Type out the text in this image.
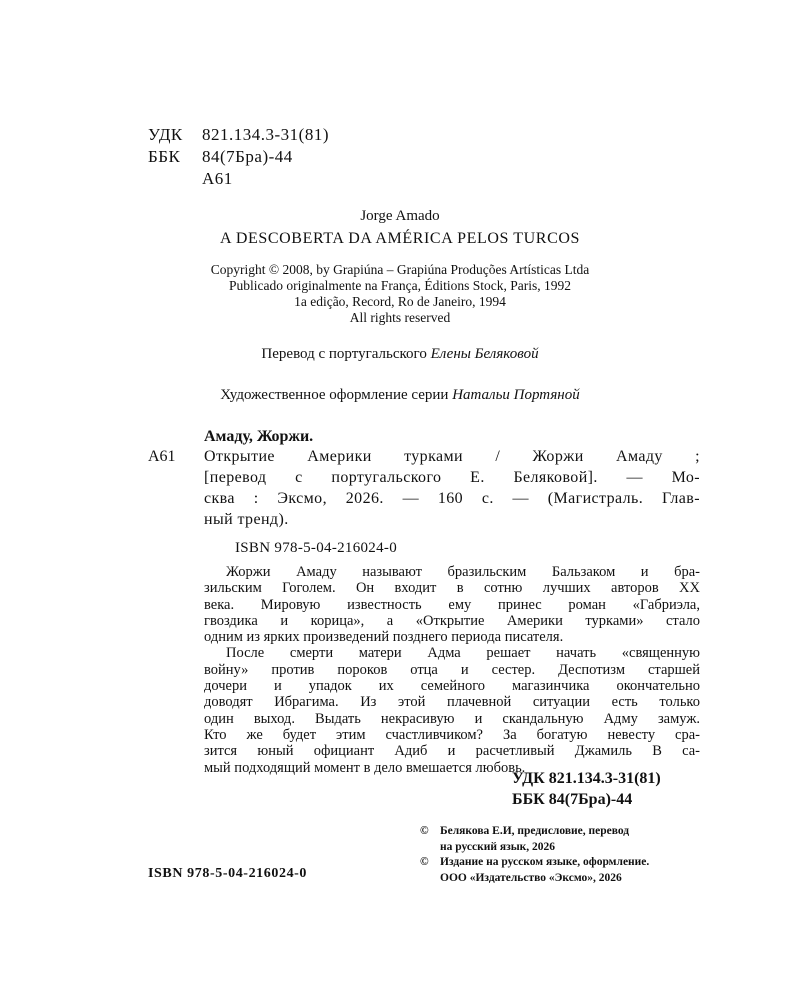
УДК	821.134.3-31(81)
ББК	84(7Бра)-44
А61
Jorge Amado
A DESCOBERTA DA AMÉRICA PELOS TURCOS
Copyright © 2008, by Grapiúna – Grapiúna Produções Artísticas Ltda
Publicado originalmente na França, Éditions Stock, Paris, 1992
1a edição, Record, Ro de Janeiro, 1994
All rights reserved
Перевод с португальского Елены Беляковой
Художественное оформление серии Натальи Портяной
Амаду, Жоржи.
А61 Открытие Америки турками / Жоржи Амаду ;
[перевод с португальского Е. Беляковой]. — Мо-
сква : Эксмо, 2026. — 160 с. — (Магистраль. Глав-
ный тренд).
ISBN 978-5-04-216024-0
Жоржи Амаду называют бразильским Бальзаком и бра-
зильским Гоголем. Он входит в сотню лучших авторов XX
века. Мировую известность ему принес роман «Габриэла,
гвоздика и корица», а «Открытие Америки турками» стало
одним из ярких произведений позднего периода писателя.
После смерти матери Адма решает начать «священную
войну» против пороков отца и сестер. Деспотизм старшей
дочери и упадок их семейного магазинчика окончательно
доводят Ибрагима. Из этой плачевной ситуации есть только
один выход. Выдать некрасивую и скандальную Адму замуж.
Кто же будет этим счастливчиком? За богатую невесту сра-
зится юный официант Адиб и расчетливый Джамиль В са-
мый подходящий момент в дело вмешается любовь.
УДК 821.134.3-31(81)
ББК 84(7Бра)-44
ISBN 978-5-04-216024-0
© Белякова Е.И, предисловие, перевод
на русский язык, 2026
© Издание на русском языке, оформление.
ООО «Издательство «Эксмо», 2026
